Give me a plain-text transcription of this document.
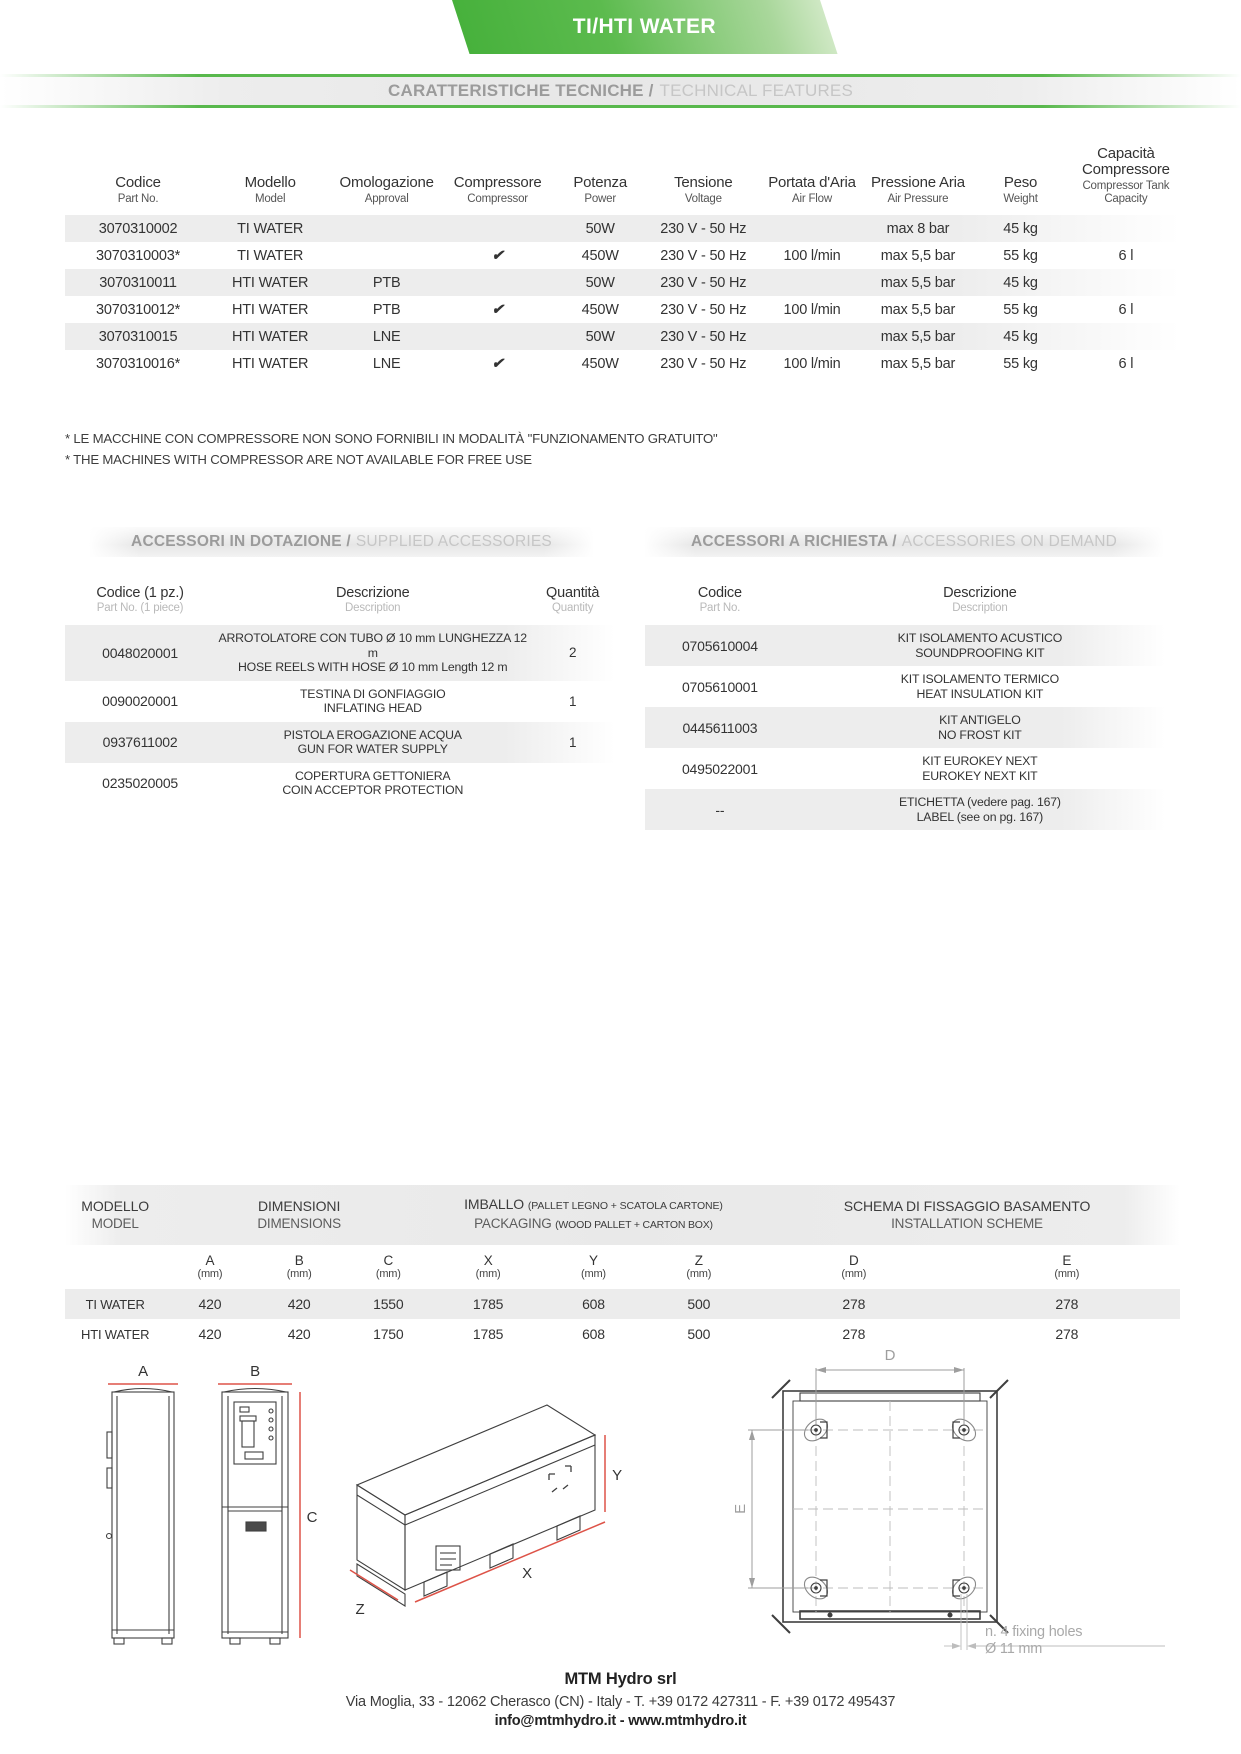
TI/HTI WATER
CARATTERISTICHE TECNICHE / TECHNICAL FEATURES
Codice
Part No.

Modello
Model

Omologazione
Approval

Compressore
Compressor

Potenza
Power

Tensione
Voltage

Portata d'Aria
Air Flow

Pressione Aria
Air Pressure

Peso
Weight

Capacità Compressore
Compressor Tank Capacity

3070310002	TI WATER			50W	230 V - 50 Hz		max 8 bar	45 kg	
3070310003*	TI WATER		✔	450W	230 V - 50 Hz	100 l/min	max 5,5 bar	55 kg	6 l
3070310011	HTI WATER	PTB		50W	230 V - 50 Hz		max 5,5 bar	45 kg	
3070310012*	HTI WATER	PTB	✔	450W	230 V - 50 Hz	100 l/min	max 5,5 bar	55 kg	6 l
3070310015	HTI WATER	LNE		50W	230 V - 50 Hz		max 5,5 bar	45 kg	
3070310016*	HTI WATER	LNE	✔	450W	230 V - 50 Hz	100 l/min	max 5,5 bar	55 kg	6 l
* LE MACCHINE CON COMPRESSORE NON SONO FORNIBILI IN MODALITÀ "FUNZIONAMENTO GRATUITO"
* THE MACHINES WITH COMPRESSOR ARE NOT AVAILABLE FOR FREE USE
ACCESSORI IN DOTAZIONE / SUPPLIED ACCESSORIES	ACCESSORI A RICHIESTA / ACCESSORIES ON DEMAND
Codice (1 pz.)
Part No. (1 piece)

Descrizione
Description

Quantità
Quantity

0048020001	ARROTOLATORE CON TUBO Ø 10 mm LUNGHEZZA 12 m
HOSE REELS WITH HOSE Ø 10 mm Length 12 m	2
0090020001	TESTINA DI GONFIAGGIO
INFLATING HEAD	1
0937611002	PISTOLA EROGAZIONE ACQUA
GUN FOR WATER SUPPLY	1
0235020005	COPERTURA GETTONIERA
COIN ACCEPTOR PROTECTION	

Codice
Part No.

Descrizione
Description

0705610004	KIT ISOLAMENTO ACUSTICO
SOUNDPROOFING KIT

0705610001	KIT ISOLAMENTO TERMICO
HEAT INSULATION KIT

0445611003	KIT ANTIGELO
NO FROST KIT

0495022001	KIT EUROKEY NEXT
EUROKEY NEXT KIT

--	ETICHETTA (vedere pag. 167)
LABEL (see on pg. 167)
MODELLO
MODEL

DIMENSIONI
DIMENSIONS

IMBALLO (PALLET LEGNO + SCATOLA CARTONE)
PACKAGING (WOOD PALLET + CARTON BOX)

SCHEMA DI FISSAGGIO BASAMENTO
INSTALLATION SCHEME

A
(mm)

B
(mm)

C
(mm)

X
(mm)

Y
(mm)

Z
(mm)

D
(mm)

E
(mm)

TI WATER	420	420	1550	1785	608	500	278	278
HTI WATER	420	420	1750	1785	608	500	278	278
A	B
C
X
Y
Z
D
E
n. 4 fixing holes
Ø 11 mm
MTM Hydro srl
Via Moglia, 33 - 12062 Cherasco (CN) - Italy - T. +39 0172 427311 - F. +39 0172 495437
info@mtmhydro.it - www.mtmhydro.it
